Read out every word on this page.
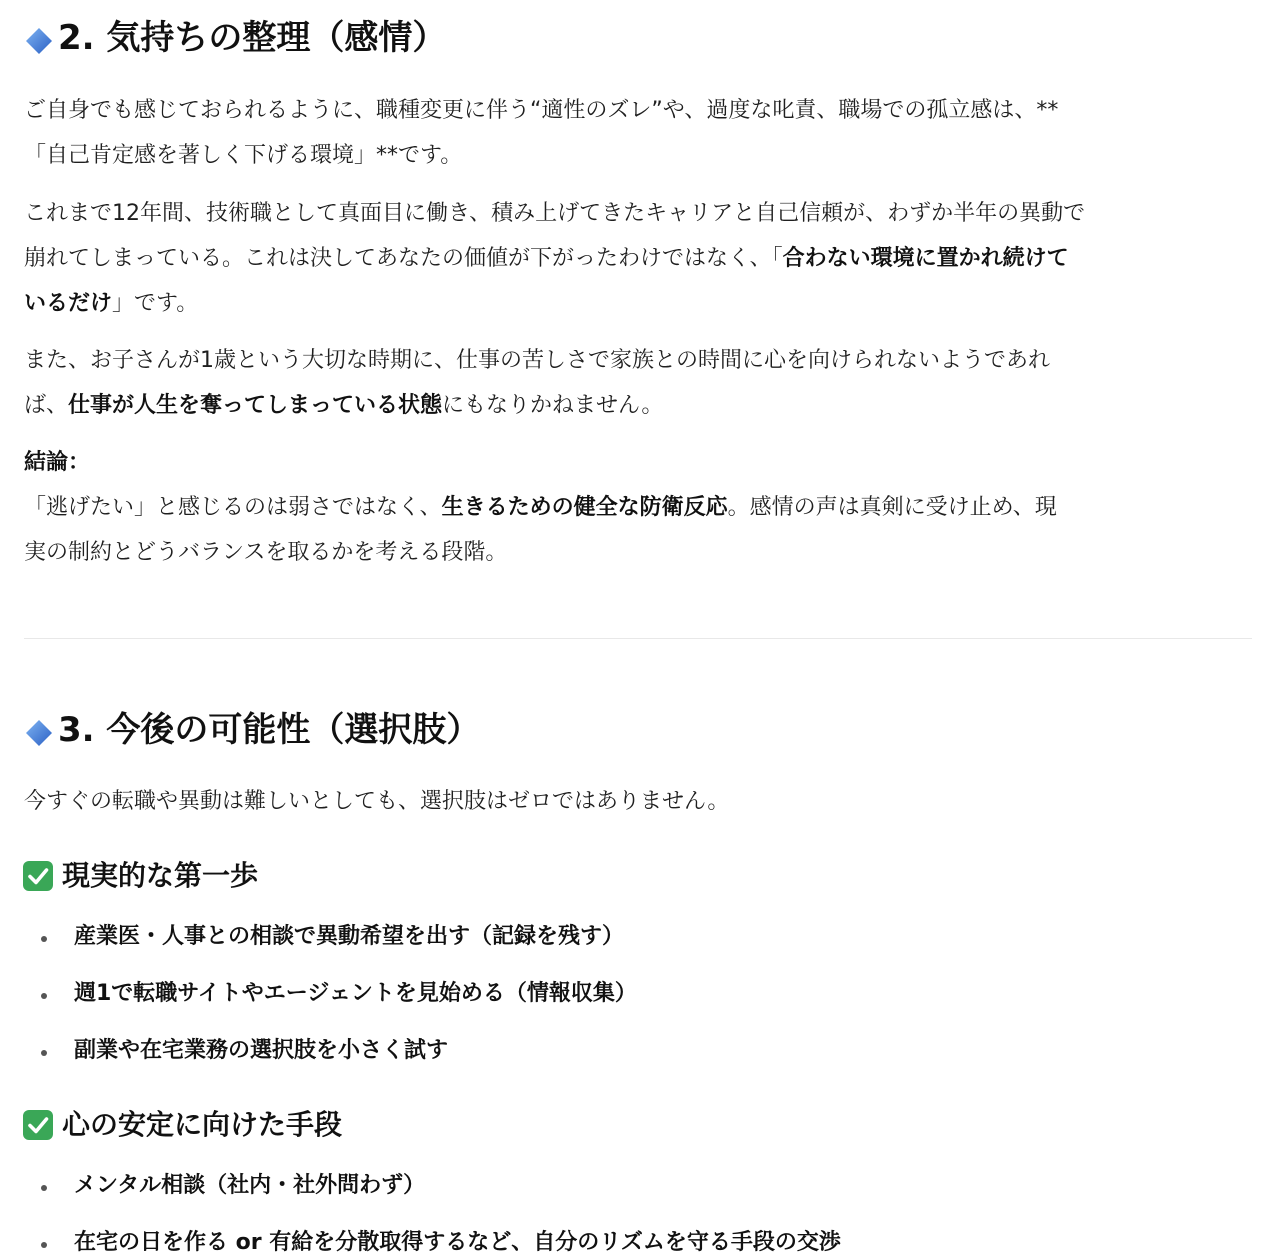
2. 気持ちの整理（感情）

ご自身でも感じておられるように、職種変更に伴う“適性のズレ”や、過度な叱責、職場での孤立感は、**
「自己肯定感を著しく下げる環境」**です。

これまで12年間、技術職として真面目に働き、積み上げてきたキャリアと自己信頼が、わずか半年の異動で
崩れてしまっている。これは決してあなたの価値が下がったわけではなく、「合わない環境に置かれ続けて
いるだけ」です。

また、お子さんが1歳という大切な時期に、仕事の苦しさで家族との時間に心を向けられないようであれ
ば、仕事が人生を奪ってしまっている状態にもなりかねません。

結論：
「逃げたい」と感じるのは弱さではなく、生きるための健全な防衛反応。感情の声は真剣に受け止め、現
実の制約とどうバランスを取るかを考える段階。

3. 今後の可能性（選択肢）

今すぐの転職や異動は難しいとしても、選択肢はゼロではありません。

現実的な第一歩
産業医・人事との相談で異動希望を出す（記録を残す）
週1で転職サイトやエージェントを見始める（情報収集）
副業や在宅業務の選択肢を小さく試す
心の安定に向けた手段
メンタル相談（社内・社外問わず）
在宅の日を作る or 有給を分散取得するなど、自分のリズムを守る手段の交渉
